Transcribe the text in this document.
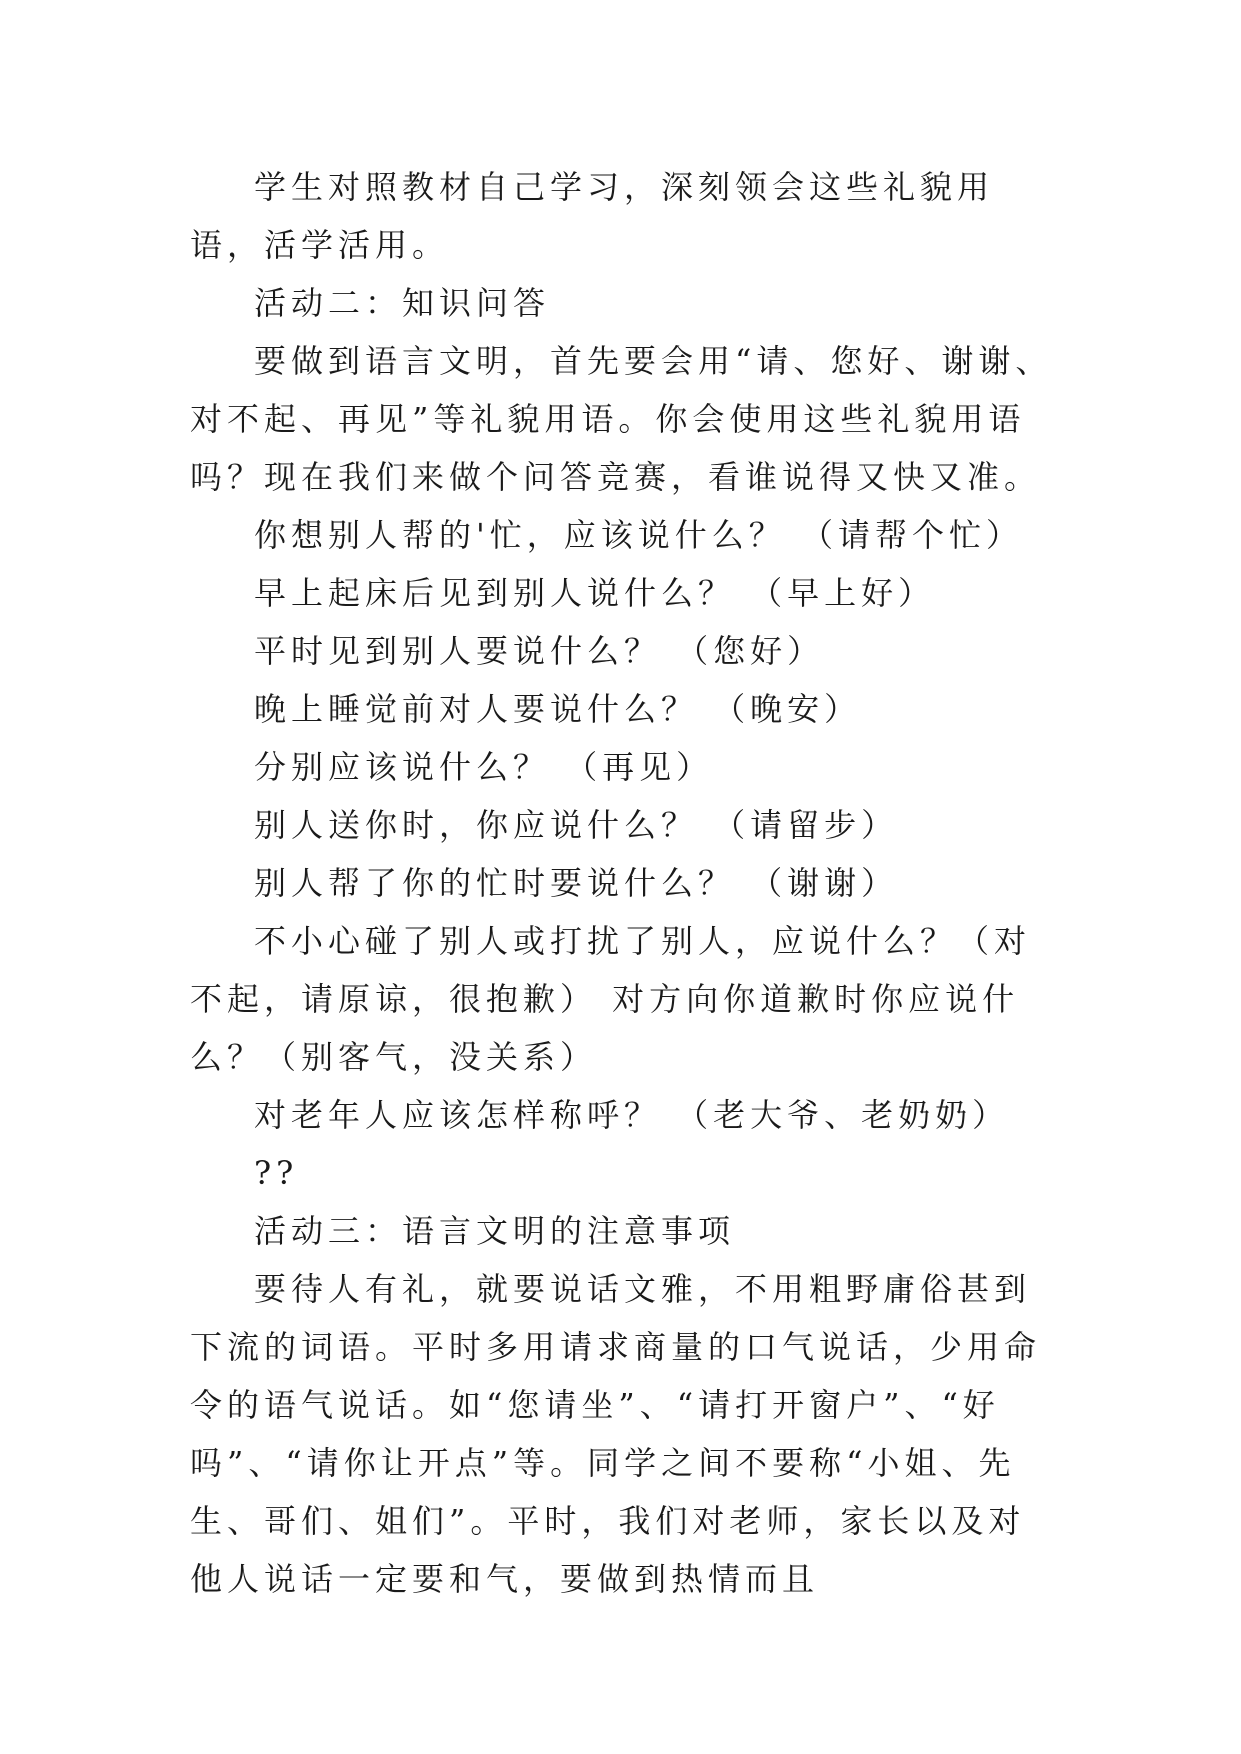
学生对照教材自己学习，深刻领会这些礼貌用语，活学活用。

活动二：知识问答

要做到语言文明，首先要会用“请、您好、谢谢、对不起、再见”等礼貌用语。你会使用这些礼貌用语吗？现在我们来做个问答竞赛，看谁说得又快又准。

你想别人帮的'忙，应该说什么？ （请帮个忙）

早上起床后见到别人说什么？ （早上好）

平时见到别人要说什么？ （您好）

晚上睡觉前对人要说什么？ （晚安）

分别应该说什么？ （再见）

别人送你时，你应说什么？ （请留步）

别人帮了你的忙时要说什么？ （谢谢）

不小心碰了别人或打扰了别人，应说什么？（对不起，请原谅，很抱歉） 对方向你道歉时你应说什么？（别客气，没关系）

对老年人应该怎样称呼？ （老大爷、老奶奶）

??

活动三：语言文明的注意事项

要待人有礼，就要说话文雅，不用粗野庸俗甚到下流的词语。平时多用请求商量的口气说话，少用命令的语气说话。如“您请坐”、“请打开窗户”、“好吗”、“请你让开点”等。同学之间不要称“小姐、先生、哥们、姐们”。平时，我们对老师，家长以及对他人说话一定要和气，要做到热情而且
